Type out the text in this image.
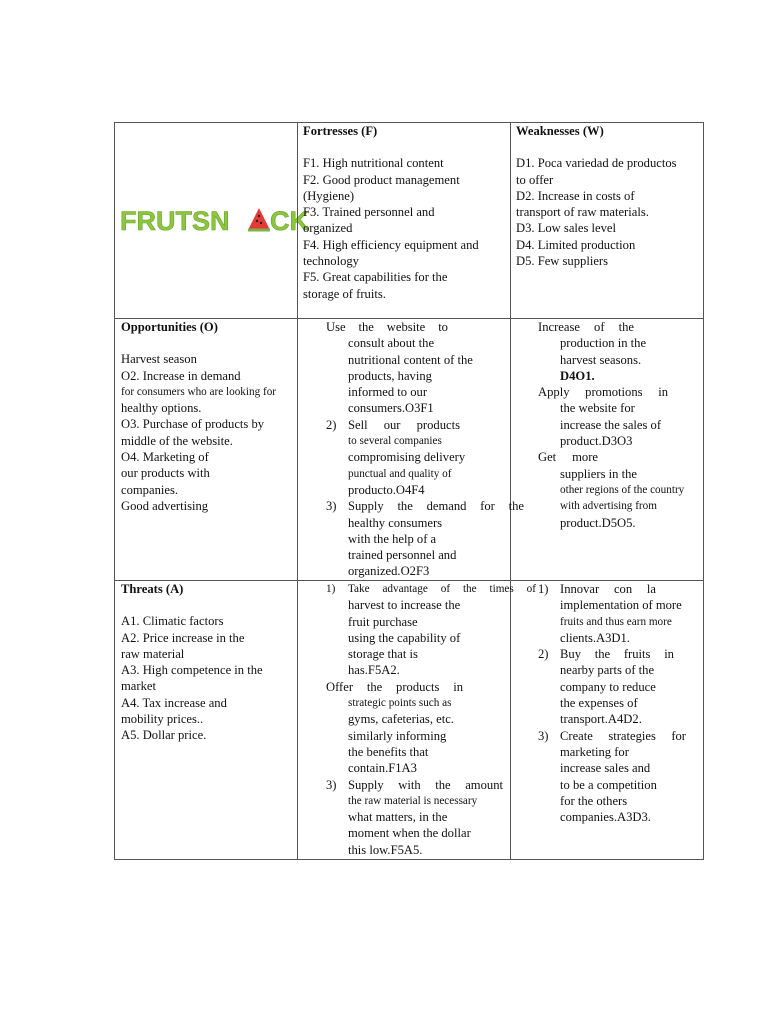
FRUTSN CK
Fortresses (F)
F1. High nutritional content
F2. Good product management
(Hygiene)
F3. Trained personnel and
organized
F4. High efficiency equipment and
technology
F5. Great capabilities for the
storage of fruits.
Weaknesses (W)
D1. Poca variedad de productos
to offer
D2. Increase in costs of
transport of raw materials.
D3. Low sales level
D4. Limited production
D5. Few suppliers
Opportunities (O)
Harvest season
O2. Increase in demand
for consumers who are looking for
healthy options.
O3. Purchase of products by
middle of the website.
O4. Marketing of
our products with
companies.
Good advertising
Use the website to
consult about the
nutritional content of the
products, having
informed to our
consumers.O3F1
2) Sell our products
to several companies
compromising delivery
punctual and quality of
producto.O4F4
3) Supply the demand for the
healthy consumers
with the help of a
trained personnel and
organized.O2F3
Increase of the
production in the
harvest seasons.
D4O1.
Apply promotions in
the website for
increase the sales of
product.D3O3
Get more
suppliers in the
other regions of the country
with advertising from
product.D5O5.
Threats (A)
A1. Climatic factors
A2. Price increase in the
raw material
A3. High competence in the
market
A4. Tax increase and
mobility prices..
A5. Dollar price.
1) Take advantage of the times of
harvest to increase the
fruit purchase
using the capability of
storage that is
has.F5A2.
Offer the products in
strategic points such as
gyms, cafeterias, etc.
similarly informing
the benefits that
contain.F1A3
3) Supply with the amount
the raw material is necessary
what matters, in the
moment when the dollar
this low.F5A5.
1) Innovar con la
implementation of more
fruits and thus earn more
clients.A3D1.
2) Buy the fruits in
nearby parts of the
company to reduce
the expenses of
transport.A4D2.
3) Create strategies for
marketing for
increase sales and
to be a competition
for the others
companies.A3D3.
